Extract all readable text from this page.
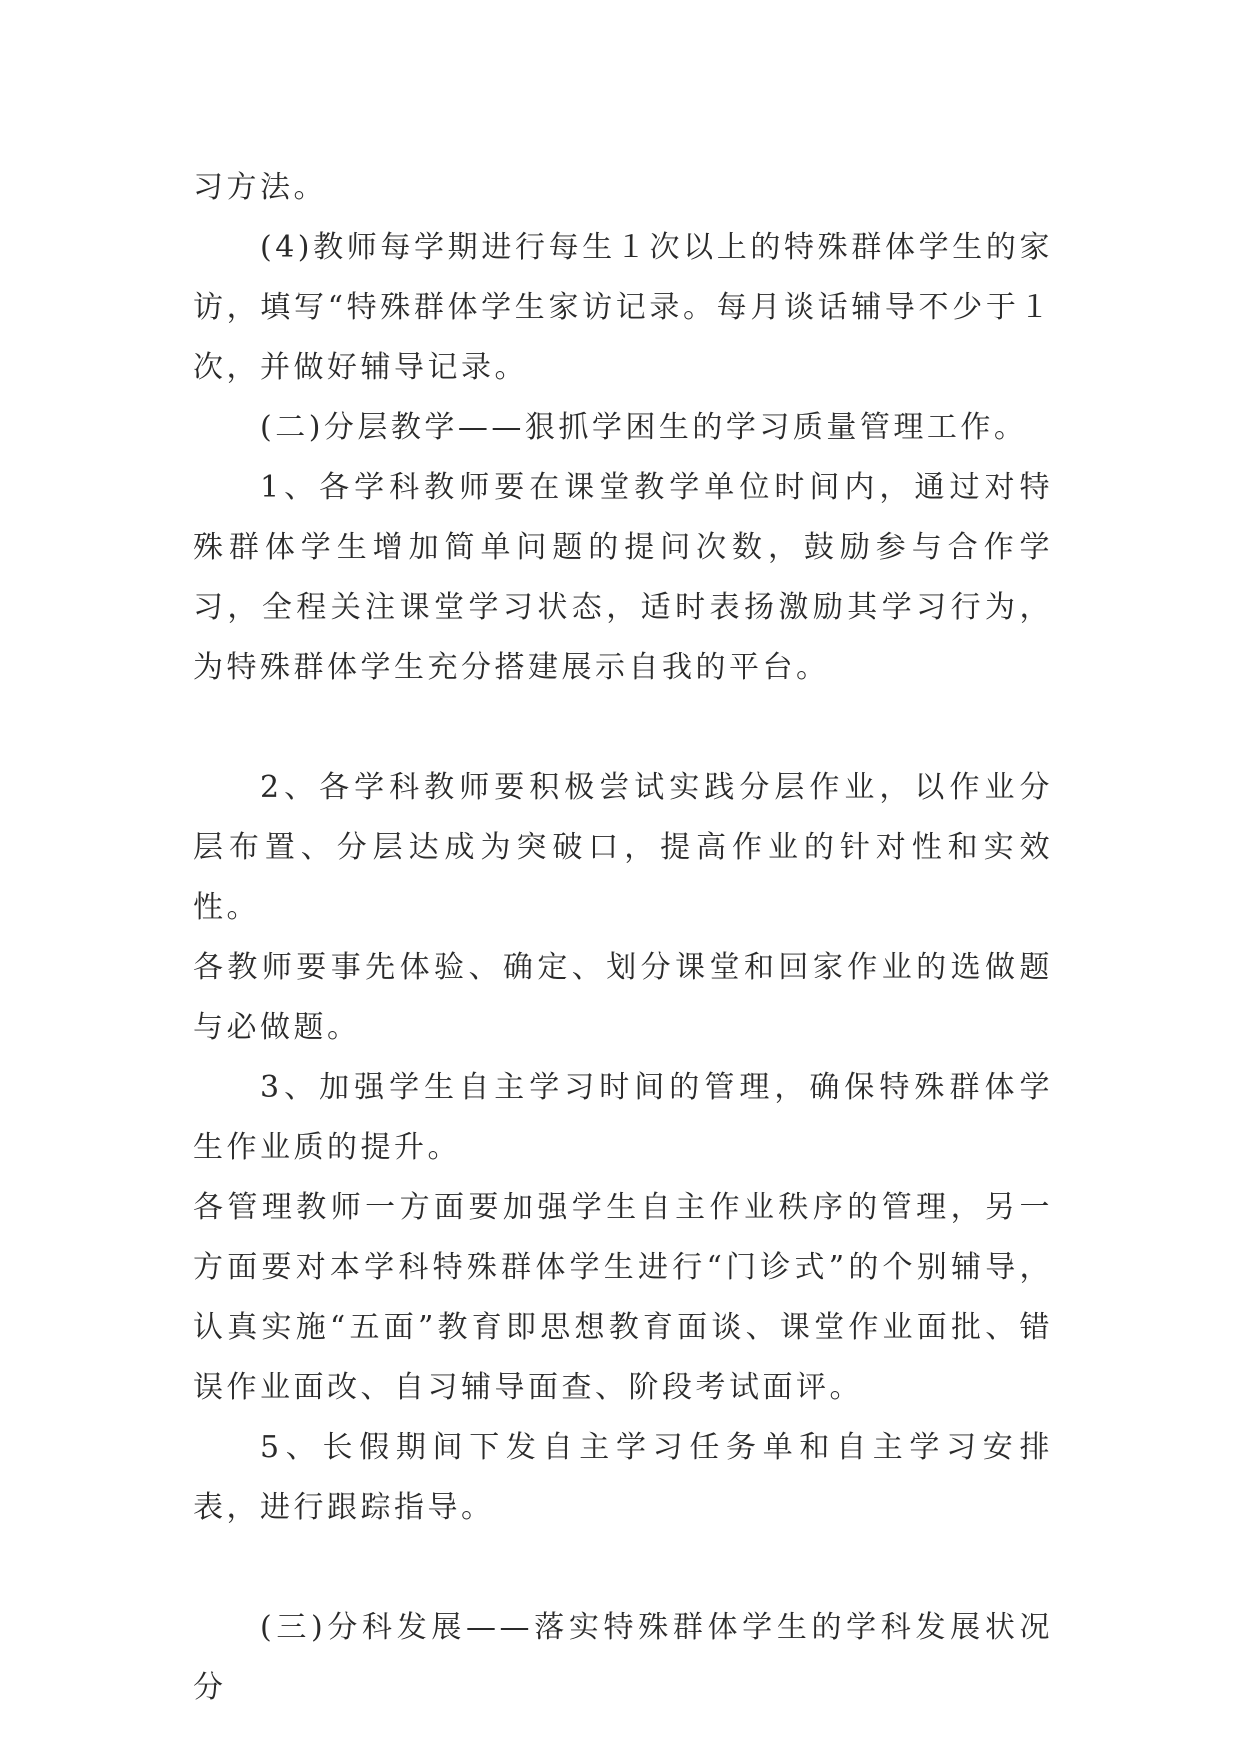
习方法。

(4)教师每学期进行每生１次以上的特殊群体学生的家访，填写“特殊群体学生家访记录。每月谈话辅导不少于１次，并做好辅导记录。

(二)分层教学——狠抓学困生的学习质量管理工作。

1、各学科教师要在课堂教学单位时间内，通过对特殊群体学生增加简单问题的提问次数，鼓励参与合作学习，全程关注课堂学习状态，适时表扬激励其学习行为，为特殊群体学生充分搭建展示自我的平台。

2、各学科教师要积极尝试实践分层作业，以作业分层布置、分层达成为突破口，提高作业的针对性和实效性。

各教师要事先体验、确定、划分课堂和回家作业的选做题与必做题。

3、加强学生自主学习时间的管理，确保特殊群体学生作业质的提升。

各管理教师一方面要加强学生自主作业秩序的管理，另一方面要对本学科特殊群体学生进行“门诊式”的个别辅导，认真实施“五面”教育即思想教育面谈、课堂作业面批、错误作业面改、自习辅导面查、阶段考试面评。

5、长假期间下发自主学习任务单和自主学习安排表，进行跟踪指导。

(三)分科发展——落实特殊群体学生的学科发展状况分
